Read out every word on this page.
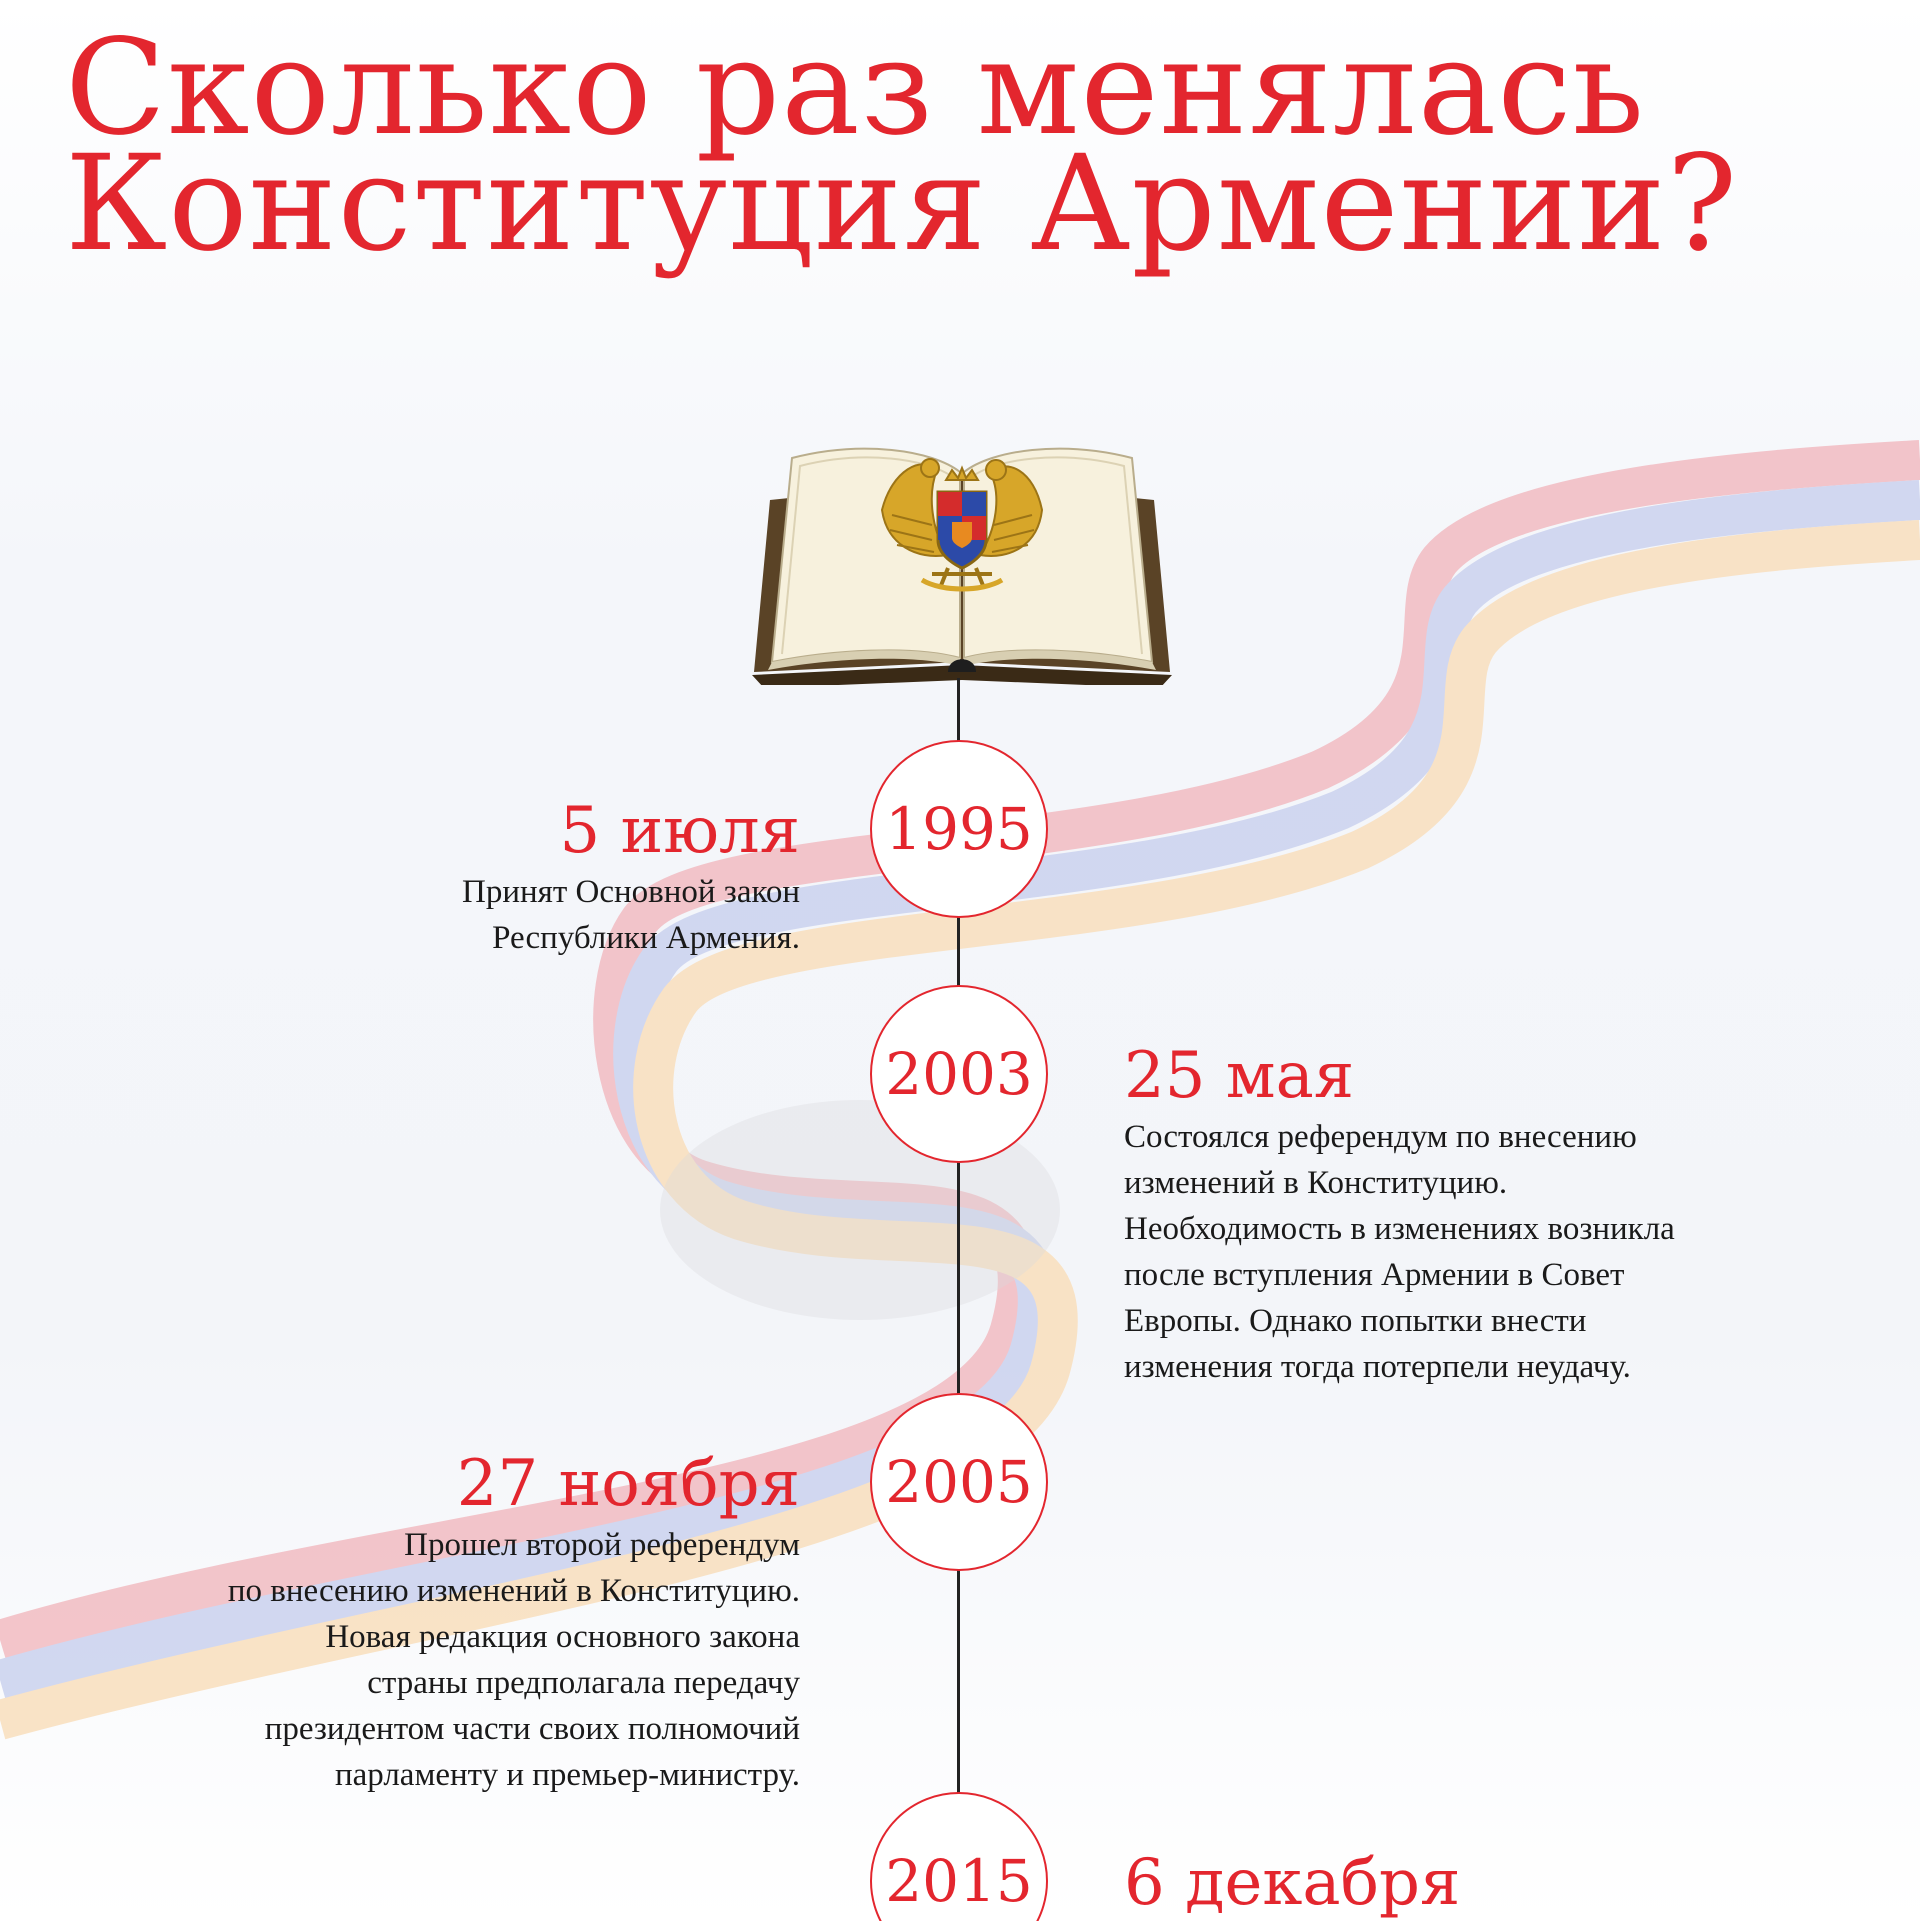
Сколько раз менялась
Конституция Армении?
1995

5 июля

Принят Основной закон
Республики Армения.

2003 25 мая

Состоялся референдум по внесению
изменений в Конституцию.
Необходимость в изменениях возникла
после вступления Армении в Совет
Европы. Однако попытки внести
изменения тогда потерпели неудачу.

2005

27 ноября

Прошел второй референдум
по внесению изменений в Конституцию.
Новая редакция основного закона
страны предполагала передачу
президентом части своих полномочий
парламенту и премьер-министру.

2015 6 декабря
